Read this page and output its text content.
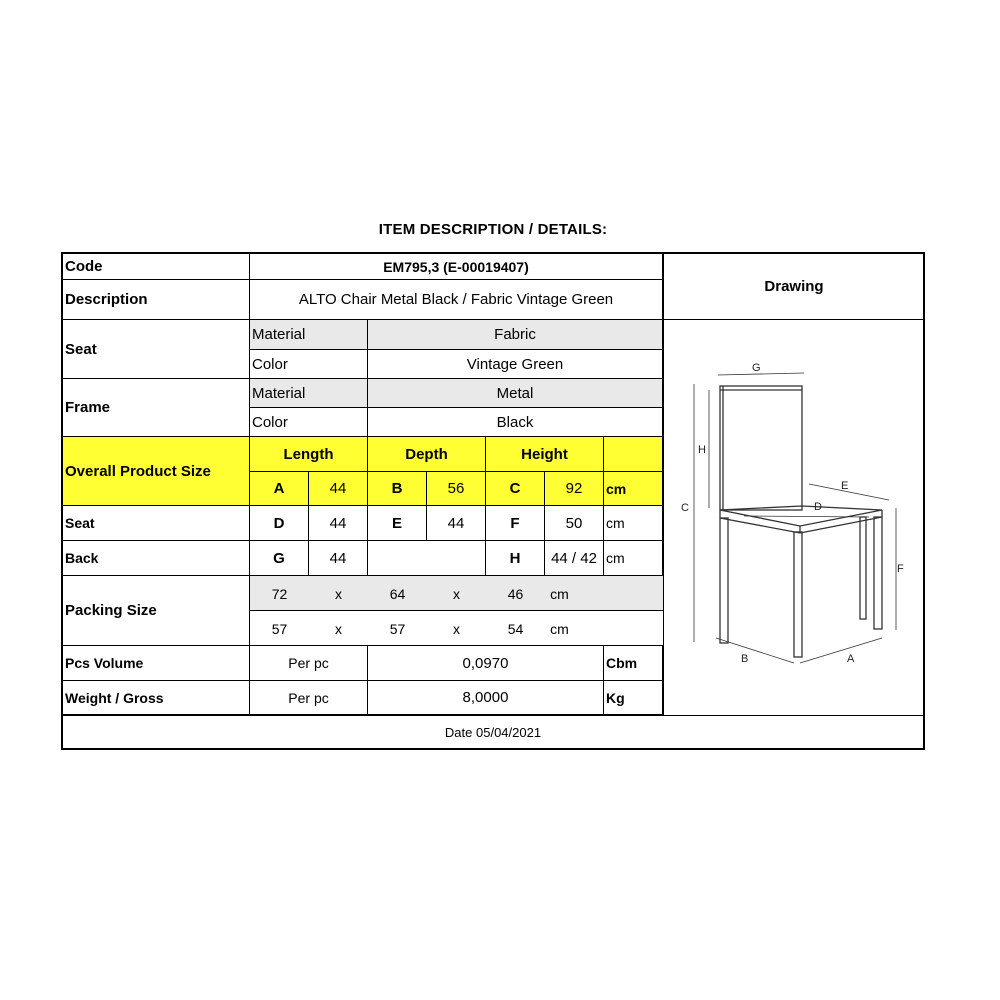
ITEM DESCRIPTION / DETAILS:
Code	EM795,3 (E-00019407)
Description	ALTO Chair Metal Black / Fabric Vintage Green
Drawing
Seat
Material	Fabric
Color	Vintage Green
Frame
Material	Metal
Color	Black
Overall Product Size
Length	Depth	Height
A	44	B	56	C	92	cm
Seat	D	44	E	44	F	50	cm
Back	G	44	H	44 / 42 cm
Packing Size
72	x	64	x	46	cm
57	x	57	x	54	cm
Pcs Volume	Per pc	0,0970	Cbm
Weight / Gross	Per pc	8,0000	Kg
G
H
C
E
D
F
B	A
Date 05/04/2021
